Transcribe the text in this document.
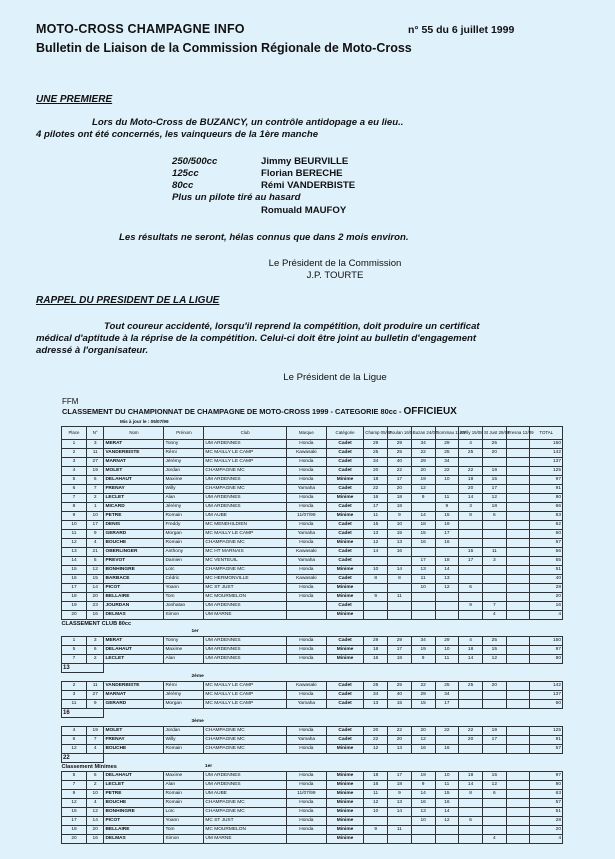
MOTO-CROSS CHAMPAGNE INFO	n° 55 du 6 juillet 1999
Bulletin de Liaison de la Commission Régionale de Moto-Cross
UNE PREMIERE
Lors du Moto-Cross de BUZANCY, un contrôle antidopage a eu lieu..
4 pilotes ont été concernés, les vainqueurs de la 1ère manche
250/500cc	Jimmy BEURVILLE
125cc	Florian BERECHE
80cc	Rémi VANDERBISTE
Plus un pilote tiré au hasard
Romuald MAUFOY
Les résultats ne seront, hélas connus que dans 2 mois environ.
Le Président de la Commission
J.P. TOURTE
RAPPEL DU PRESIDENT DE LA LIGUE
Tout coureur accidenté, lorsqu'il reprend la compétition, doit produire un certificat
médical d'aptitude à la réprise de la compétition. Celui-ci doit être joint au bulletin d'engagement
adressé à l'organisateur.
Le Président de la Ligue
FFM
CLASSEMENT DU CHAMPIONNAT DE CHAMPAGNE DE MOTO-CROSS 1999 - CATEGORIE 80cc - OFFICIEUX
Mis à jour le : 05/07/99
Place	N°	Nom	Prénom	Club	Marque	Catégorie	Champ 05/04	Poulan 16/5	Buzan 24/07	Sommau 11/07	Melly 15/08	St Just 29/08	Fresna 12/09	TOTAL
1	3	MERAT	Tonny	UM ARDENNES	Honda	Cadet	29	29	34	29	4	25		150
2	11	VANDERBISTE	Rémi	MC MAILLY LE CAMP	Kawasaki	Cadet	25	25	22	25	25	20		142
3	27	MARNAT	Jérémy	MC MAILLY LE CAMP	Honda	Cadet	34	40	29	34				137
4	19	MOLET	Jordan	CHAMPAGNE MC	Honda	Cadet	20	22	20	22	22	19		125
5	6	DELAHAUT	Maxime	UM ARDENNES	Honda	Minime	18	17	19	10	18	15		97
6	7	FRENAY	Willy	CHAMPAGNE MC	Yamaha	Cadet	22	20	12		20	17		91
7	2	LECLET	Alan	UM ARDENNES	Honda	Minime	16	18	9	11	14	12		80
8	1	MICARD	Jérémy	UM ARDENNES	Honda	Cadet	17	18		9	3	18		66
9	10	PETRE	Romain	UM AUBE	11/07/99	Minime	11	9	14	15	8	6		63
10	17	DENIS	Freddy	MC MENEHILDIEN	Honda	Cadet	15	10	18	19				62
11	9	GERARD	Morgan	MC MAILLY LE CAMP	Yamaha	Cadet	13	15	15	17				60
12	4	BOUCHE	Romain	CHAMPAGNE MC	Honda	Minime	12	13	16	16				57
13	21	OBERLINGER	Anthony	MC HT MARNAIS	Kawasaki	Cadet	14	16			15	11		56
14	5	PREVOT	Damien	MC VENTEUIL	Yamaha	Cadet			17	18	17	3		55
15	12	BONHINGRE	Loïc	CHAMPAGNE MC	Honda	Minime	10	14	13	14				51
16	15	BARBACE	Cédric	MC HERMONVILLE	Kawasaki	Cadet	8	8	11	13				40
17	14	PICOT	Yoann	MC ST JUST	Honda	Minime			10	12	6			28
18	20	BELLAIRE	Tom	MC MOURMELON	Honda	Minime	9	11						20
19	23	JOURDAN	Jonhatan	UM ARDENNES		Cadet					9	7		16
20	16	DELMAS	Simon	UM MARNE		Minime						4		4
CLASSEMENT CLUB 80cc														
1er														
1	3	MERAT	Tonny	UM ARDENNES	Honda	Cadet	29	29	34	29	4	25		150
5	6	DELAHAUT	Maxime	UM ARDENNES	Honda	Minime	18	17	19	10	18	15		97
7	2	LECLET	Alan	UM ARDENNES	Honda	Minime	16	18	9	11	14	12		80
13														
2ème														
2	11	VANDERBISTE	Rémi	MC MAILLY LE CAMP	Kawasaki	Cadet	25	25	22	25	25	20		142
3	27	MARNAT	Jérémy	MC MAILLY LE CAMP	Honda	Cadet	34	40	29	34				137
11	9	GERARD	Morgan	MC MAILLY LE CAMP	Yamaha	Cadet	13	15	15	17				60
16														
3ème														
4	19	MOLET	Jordan	CHAMPAGNE MC	Honda	Cadet	20	22	20	22	22	19		125
6	7	FRENAY	Willy	CHAMPAGNE MC	Yamaha	Cadet	22	20	12		20	17		91
12	4	BOUCHE	Romain	CHAMPAGNE MC	Honda	Minime	12	13	16	16				57
22														
Classement Minimes				1er										
5	6	DELAHAUT	Maxime	UM ARDENNES	Honda	Minime	18	17	19	10	18	15		97
7	2	LECLET	Alan	UM ARDENNES	Honda	Minime	16	18	9	11	14	12		80
9	10	PETRE	Romain	UM AUBE	11/07/99	Minime	11	9	14	15	8	6		63
12	4	BOUCHE	Romain	CHAMPAGNE MC	Honda	Minime	12	13	16	16				57
15	12	BONHINGRE	Loïc	CHAMPAGNE MC	Honda	Minime	10	14	13	14				51
17	14	PICOT	Yoann	MC ST JUST	Honda	Minime			10	12	6			28
18	20	BELLAIRE	Tom	MC MOURMELON	Honda	Minime	9	11						20
20	16	DELMAS	Simon	UM MARNE		Minime						4		4
